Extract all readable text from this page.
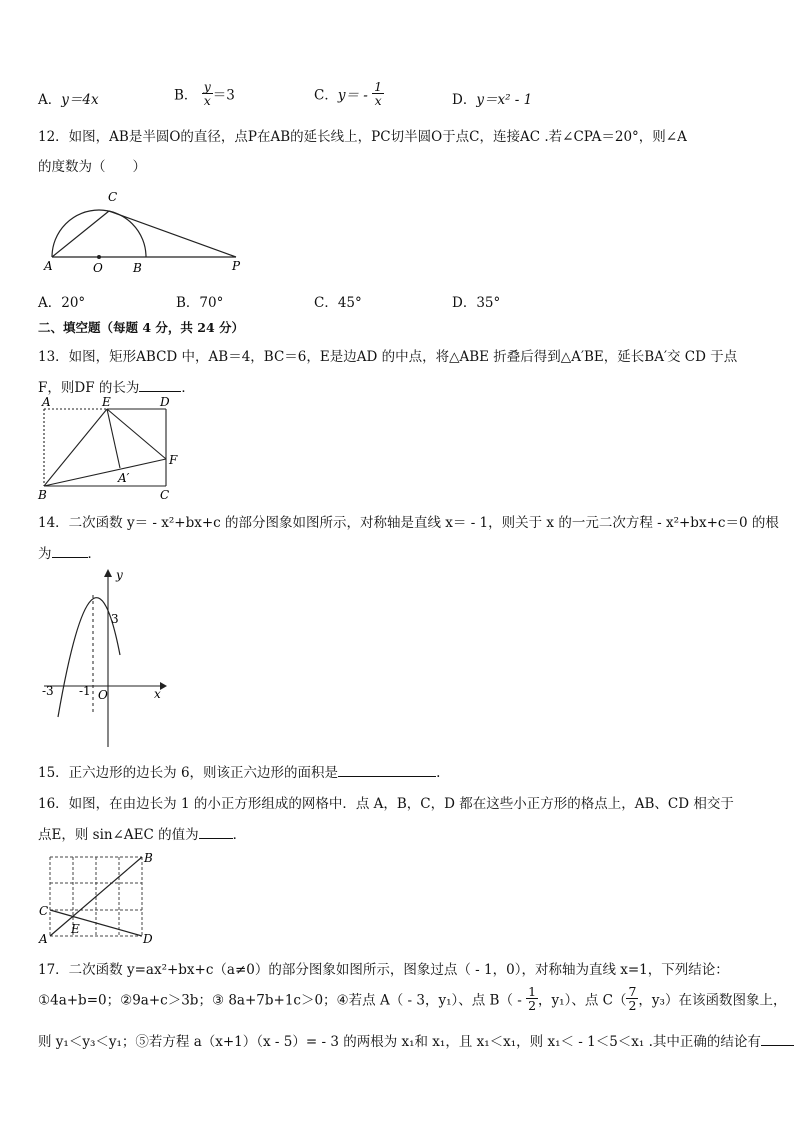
A．y＝4x	B． $\frac{y}{x} =3$	C．$y= - \frac{1}{x}$	D．y＝x² - 1
12．如图，AB是半圆O的直径，点P在AB的延长线上，PC切半圆O于点C，连接AC .若∠CPA＝20°，则∠A
的度数为（　　）
A	O	B	P
C
A．20°	B．70°	C．45°	D．35°
二、填空题（每题 4 分，共 24 分）
13．如图，矩形ABCD 中，AB＝4，BC＝6，E是边AD 的中点，将△ABE 折叠后得到△A′BE，延长BA′交 CD 于点
F，则DF 的长为	．
A	E	D
F
A′
B	C
14．二次函数 y＝ - x²+bx+c 的部分图象如图所示，对称轴是直线 x＝ - 1，则关于 x 的一元二次方程 - x²+bx+c＝0 的根
为	．
y
x
3
-3 -1 O
15．正六边形的边长为 6，则该正六边形的面积是	.
16．如图，在由边长为 1 的小正方形组成的网格中．点 A，B，C，D 都在这些小正方形的格点上，AB、CD 相交于
点E，则 sin∠AEC 的值为	．
A
B
C
D
E
17．二次函数 y=ax²+bx+c（a≠0）的部分图象如图所示，图象过点（ - 1，0），对称轴为直线 x=1，下列结论：
①4a+b=0；②9a+c＞3b；③ 8a+7b+1c＞0；④若点 A（ - 3，y₁）、点 $B( - \frac{1}{2}$ ，y₁）、点 $C( \frac{7}{2}$ ，y₃）在该函数图象上，
则 y₁＜y₃＜y₁；⑤若方程 a（x+1）（x - 5）= - 3 的两根为 x₁和 x₁，且 x₁＜x₁，则 x₁＜ - 1＜5＜x₁ .其中正确的结论有
